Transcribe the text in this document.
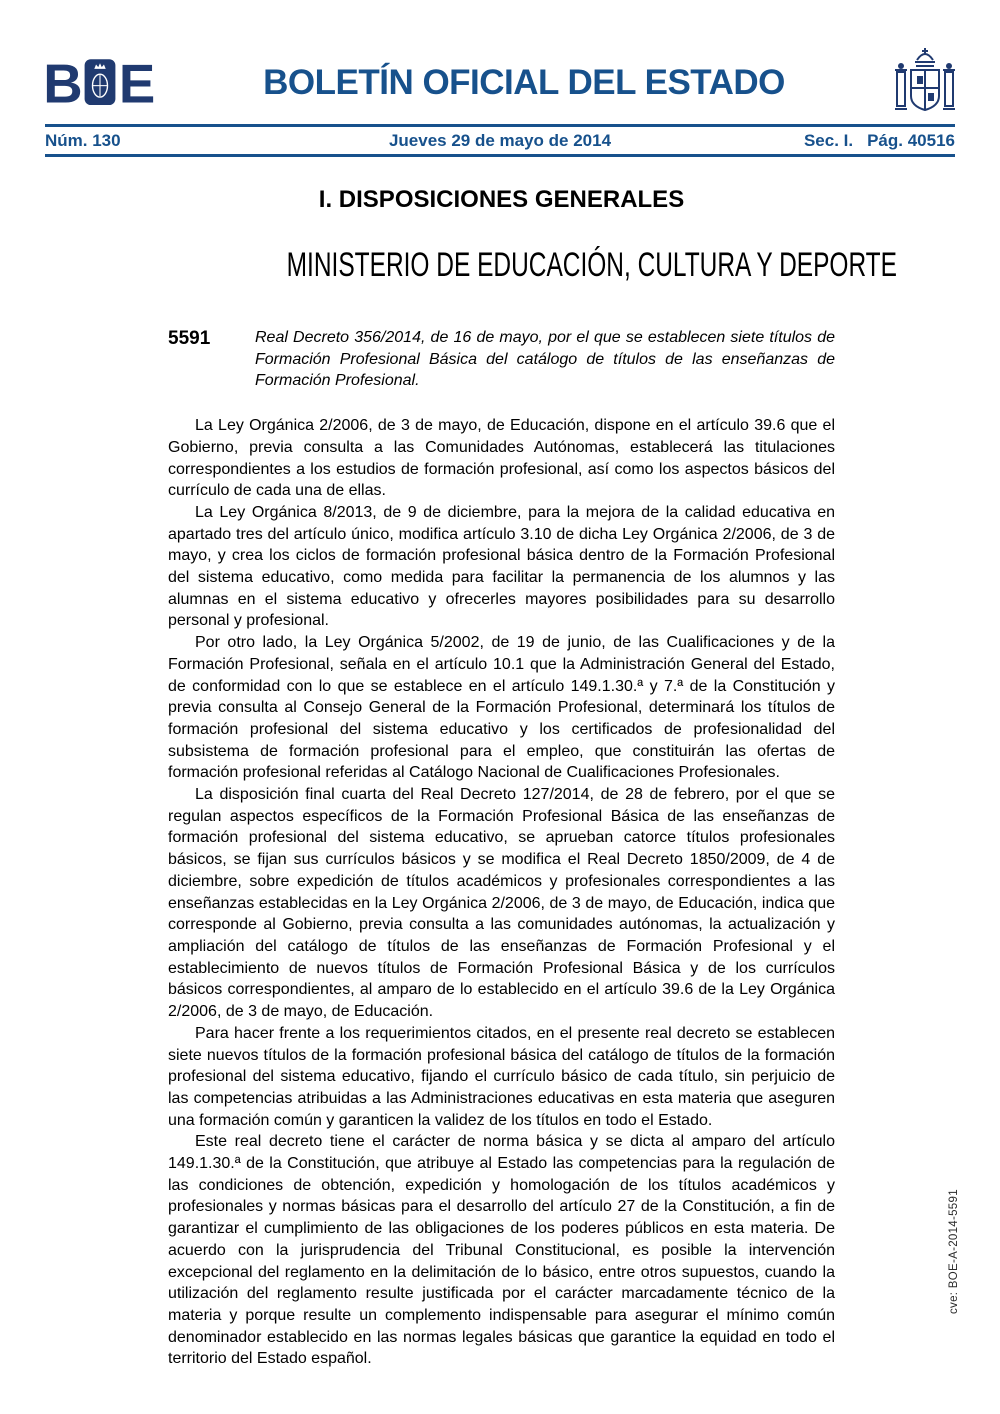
B E	BOLETÍN OFICIAL DEL ESTADO
Núm. 130	Jueves 29 de mayo de 2014	Sec. I. Pág. 40516
I. DISPOSICIONES GENERALES
MINISTERIO DE EDUCACIÓN, CULTURA Y DEPORTE
5591	Real Decreto 356/2014, de 16 de mayo, por el que se establecen siete títulos de Formación Profesional Básica del catálogo de títulos de las enseñanzas de Formación Profesional.

La Ley Orgánica 2/2006, de 3 de mayo, de Educación, dispone en el artículo 39.6 que el Gobierno, previa consulta a las Comunidades Autónomas, establecerá las titulaciones correspondientes a los estudios de formación profesional, así como los aspectos básicos del currículo de cada una de ellas.

La Ley Orgánica 8/2013, de 9 de diciembre, para la mejora de la calidad educativa en apartado tres del artículo único, modifica artículo 3.10 de dicha Ley Orgánica 2/2006, de 3 de mayo, y crea los ciclos de formación profesional básica dentro de la Formación Profesional del sistema educativo, como medida para facilitar la permanencia de los alumnos y las alumnas en el sistema educativo y ofrecerles mayores posibilidades para su desarrollo personal y profesional.

Por otro lado, la Ley Orgánica 5/2002, de 19 de junio, de las Cualificaciones y de la Formación Profesional, señala en el artículo 10.1 que la Administración General del Estado, de conformidad con lo que se establece en el artículo 149.1.30.ª y 7.ª de la Constitución y previa consulta al Consejo General de la Formación Profesional, determinará los títulos de formación profesional del sistema educativo y los certificados de profesionalidad del subsistema de formación profesional para el empleo, que constituirán las ofertas de formación profesional referidas al Catálogo Nacional de Cualificaciones Profesionales.

La disposición final cuarta del Real Decreto 127/2014, de 28 de febrero, por el que se regulan aspectos específicos de la Formación Profesional Básica de las enseñanzas de formación profesional del sistema educativo, se aprueban catorce títulos profesionales básicos, se fijan sus currículos básicos y se modifica el Real Decreto 1850/2009, de 4 de diciembre, sobre expedición de títulos académicos y profesionales correspondientes a las enseñanzas establecidas en la Ley Orgánica 2/2006, de 3 de mayo, de Educación, indica que corresponde al Gobierno, previa consulta a las comunidades autónomas, la actualización y ampliación del catálogo de títulos de las enseñanzas de Formación Profesional y el establecimiento de nuevos títulos de Formación Profesional Básica y de los currículos básicos correspondientes, al amparo de lo establecido en el artículo 39.6 de la Ley Orgánica 2/2006, de 3 de mayo, de Educación.

Para hacer frente a los requerimientos citados, en el presente real decreto se establecen siete nuevos títulos de la formación profesional básica del catálogo de títulos de la formación profesional del sistema educativo, fijando el currículo básico de cada título, sin perjuicio de las competencias atribuidas a las Administraciones educativas en esta materia que aseguren una formación común y garanticen la validez de los títulos en todo el Estado.

Este real decreto tiene el carácter de norma básica y se dicta al amparo del artículo 149.1.30.ª de la Constitución, que atribuye al Estado las competencias para la regulación de las condiciones de obtención, expedición y homologación de los títulos académicos y profesionales y normas básicas para el desarrollo del artículo 27 de la Constitución, a fin de garantizar el cumplimiento de las obligaciones de los poderes públicos en esta materia. De acuerdo con la jurisprudencia del Tribunal Constitucional, es posible la intervención excepcional del reglamento en la delimitación de lo básico, entre otros supuestos, cuando la utilización del reglamento resulte justificada por el carácter marcadamente técnico de la materia y porque resulte un complemento indispensable para asegurar el mínimo común denominador establecido en las normas legales básicas que garantice la equidad en todo el territorio del Estado español.

cve: BOE-A-2014-5591
